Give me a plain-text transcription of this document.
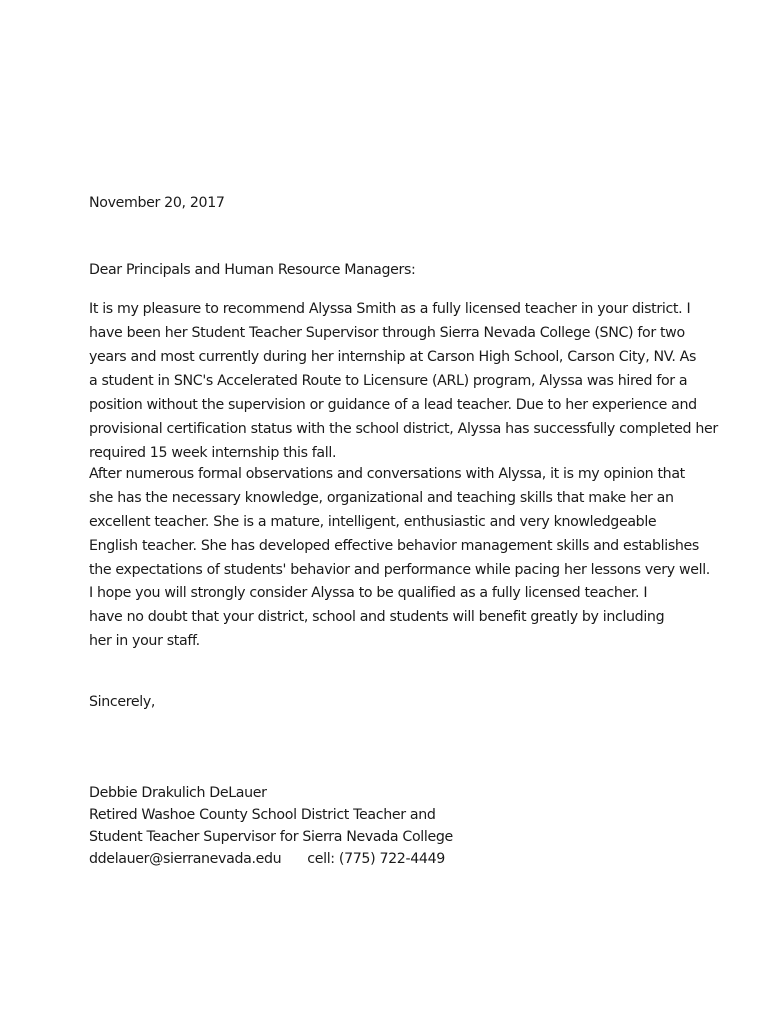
November 20, 2017
Dear Principals and Human Resource Managers:
It is my pleasure to recommend Alyssa Smith as a fully licensed teacher in your district. I
have been her Student Teacher Supervisor through Sierra Nevada College (SNC) for two
years and most currently during her internship at Carson High School, Carson City, NV. As
a student in SNC's Accelerated Route to Licensure (ARL) program, Alyssa was hired for a
position without the supervision or guidance of a lead teacher. Due to her experience and
provisional certification status with the school district, Alyssa has successfully completed her
required 15 week internship this fall.
After numerous formal observations and conversations with Alyssa, it is my opinion that
she has the necessary knowledge, organizational and teaching skills that make her an
excellent teacher. She is a mature, intelligent, enthusiastic and very knowledgeable
English teacher. She has developed effective behavior management skills and establishes
the expectations of students' behavior and performance while pacing her lessons very well.
I hope you will strongly consider Alyssa to be qualified as a fully licensed teacher. I
have no doubt that your district, school and students will benefit greatly by including
her in your staff.
Sincerely,
Debbie Drakulich DeLauer
Retired Washoe County School District Teacher and
Student Teacher Supervisor for Sierra Nevada College
ddelauer@sierranevada.edu cell: (775) 722-4449
